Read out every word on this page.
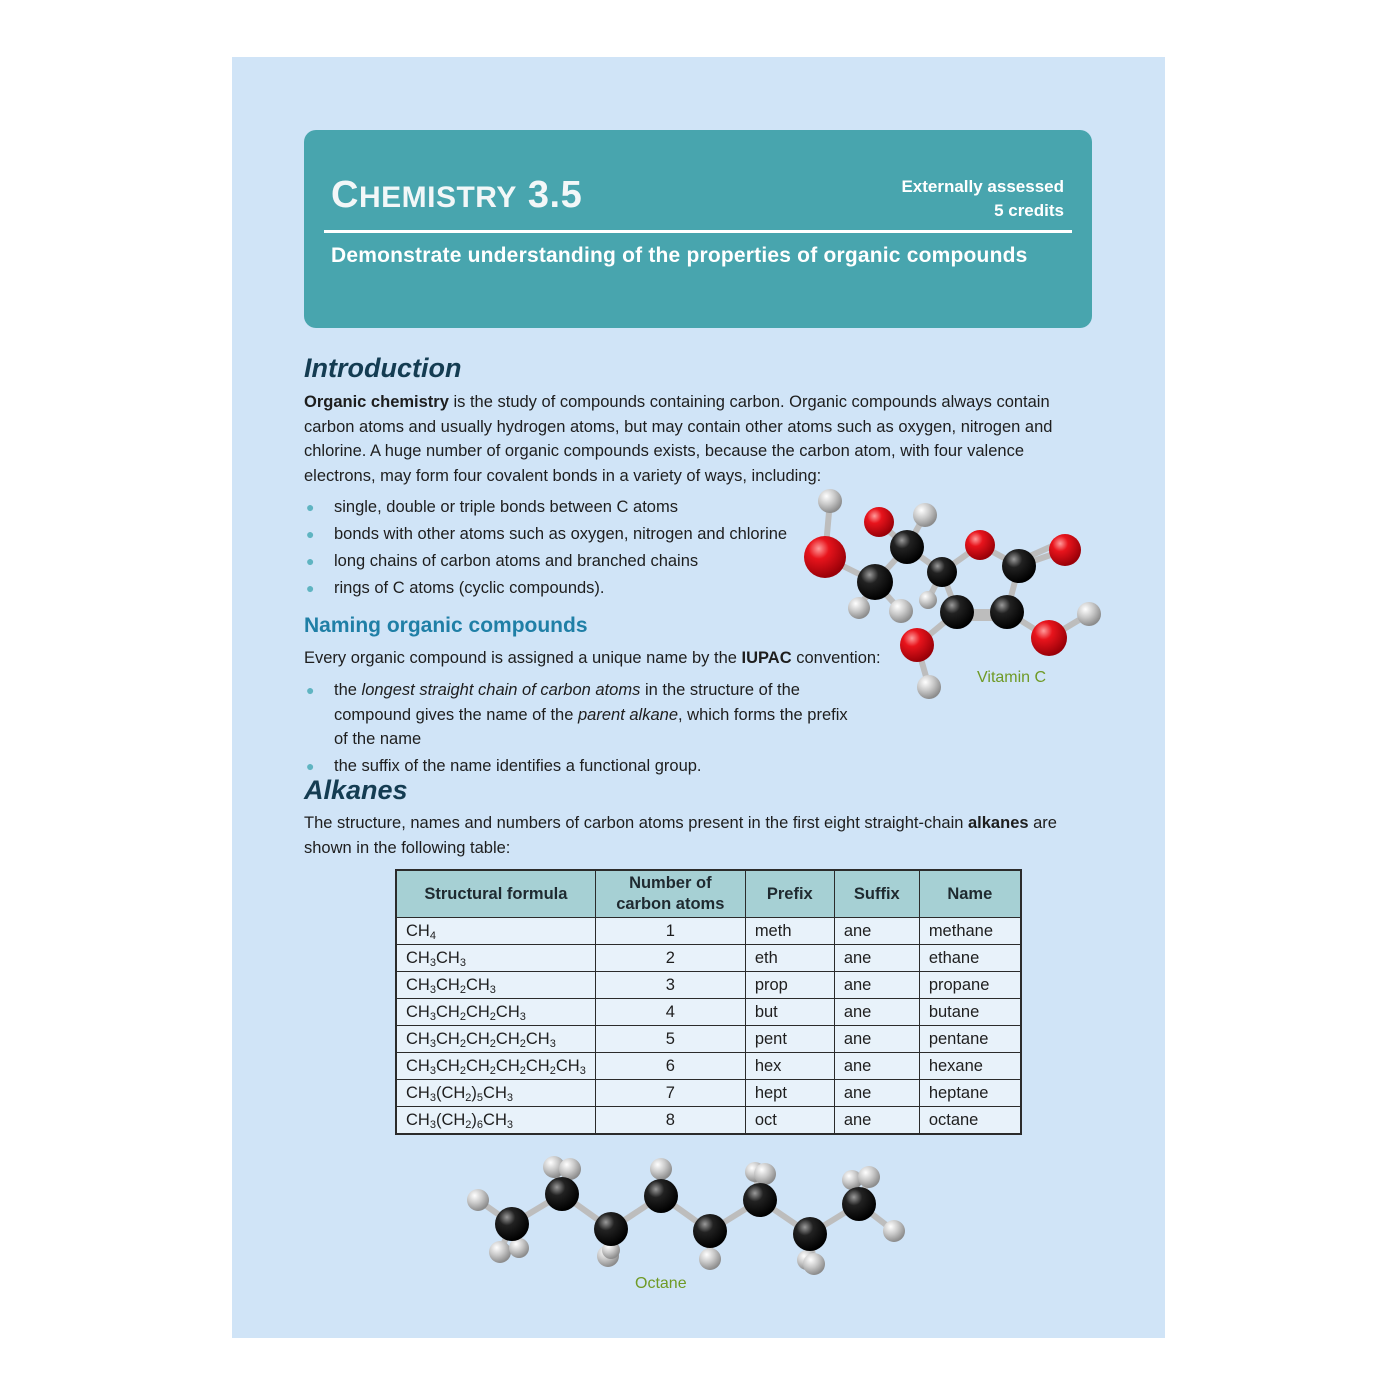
CHEMISTRY 3.5	Externally assessed
5 credits
Demonstrate understanding of the properties of organic compounds
Introduction

Organic chemistry is the study of compounds containing carbon. Organic compounds always contain carbon atoms and usually hydrogen atoms, but may contain other atoms such as oxygen, nitrogen and chlorine. A huge number of organic compounds exists, because the carbon atom, with four valence electrons, may form four covalent bonds in a variety of ways, including:

● single, double or triple bonds between C atoms
● bonds with other atoms such as oxygen, nitrogen and chlorine
● long chains of carbon atoms and branched chains
● rings of C atoms (cyclic compounds).
Naming organic compounds

Every organic compound is assigned a unique name by the IUPAC convention:

● the longest straight chain of carbon atoms in the structure of the compound gives the name of the parent alkane, which forms the prefix of the name
● the suffix of the name identifies a functional group.
Vitamin C
Alkanes

The structure, names and numbers of carbon atoms present in the first eight straight-chain alkanes are shown in the following table:

Structural formula	Number of carbon atoms	Prefix	Suffix	Name
$CH_4$	1	meth	ane	methane
$CH_3CH_3$	2	eth	ane	ethane
$CH_3CH_2CH_3$	3	prop	ane	propane
$CH_3CH_2CH_2CH_3$	4	but	ane	butane
$CH_3CH_2CH_2CH_2CH_3$	5	pent	ane	pentane
$CH_3CH_2CH_2CH_2CH_2CH_3$	6	hex	ane	hexane
$CH_3(CH_2)_5CH_3$	7	hept	ane	heptane
$CH_3(CH_2)_6CH_3$	8	oct	ane	octane
Octane
